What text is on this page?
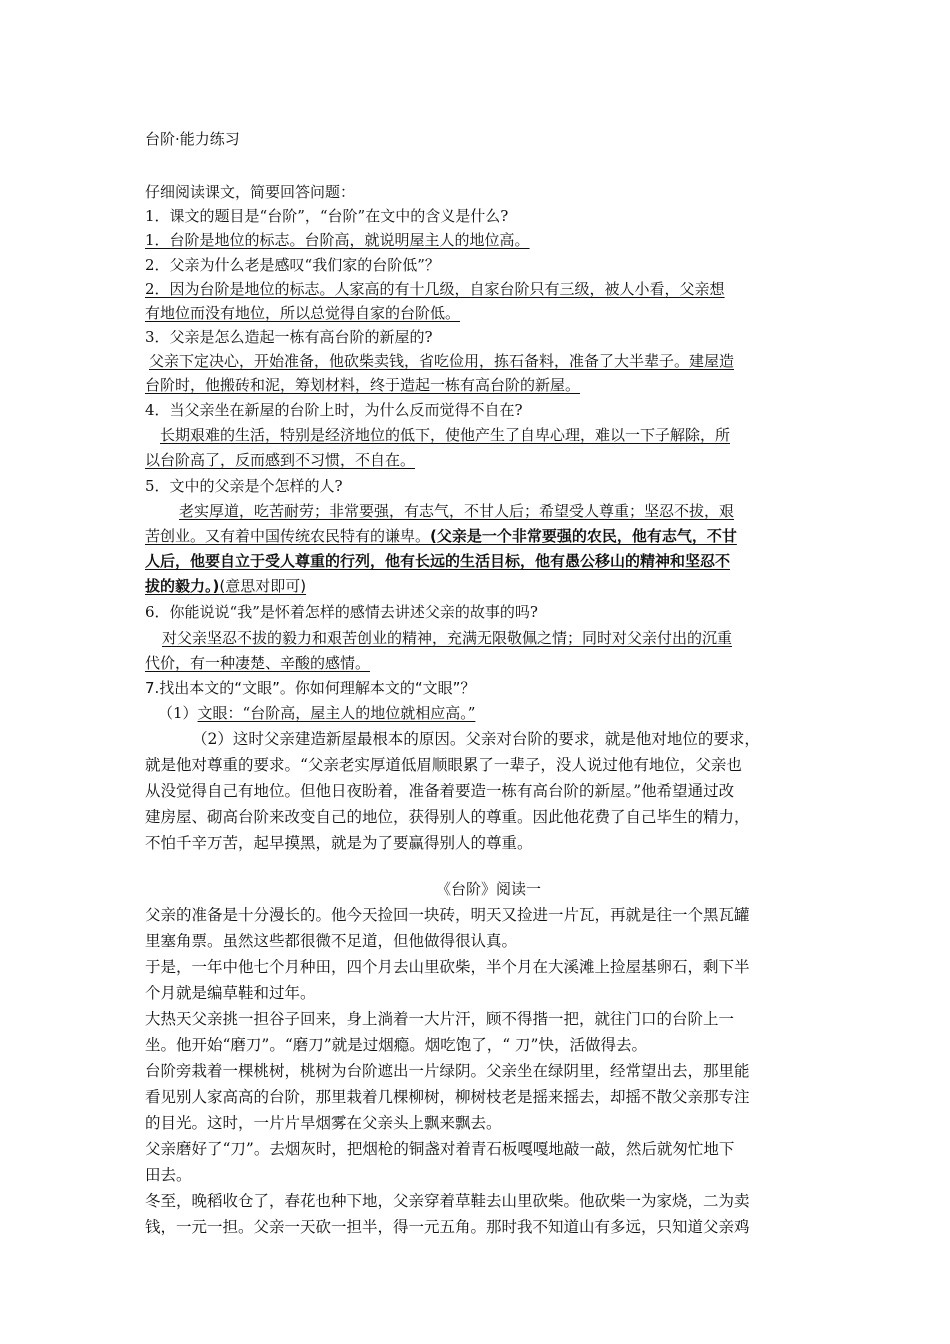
台阶·能力练习
仔细阅读课文，简要回答问题：
1．课文的题目是“台阶”，“台阶”在文中的含义是什么?
1．台阶是地位的标志。台阶高，就说明屋主人的地位高。
2．父亲为什么老是感叹“我们家的台阶低”？
2．因为台阶是地位的标志。人家高的有十几级，自家台阶只有三级，被人小看，父亲想
有地位而没有地位，所以总觉得自家的台阶低。
3．父亲是怎么造起一栋有高台阶的新屋的?
父亲下定决心，开始准备，他砍柴卖钱，省吃俭用，拣石备料，准备了大半辈子。建屋造
台阶时，他搬砖和泥，筹划材料，终于造起一栋有高台阶的新屋。
4．当父亲坐在新屋的台阶上时，为什么反而觉得不自在?
长期艰难的生活，特别是经济地位的低下，使他产生了自卑心理，难以一下子解除，所
以台阶高了，反而感到不习惯，不自在。
5．文中的父亲是个怎样的人?
老实厚道，吃苦耐劳；非常要强，有志气，不甘人后；希望受人尊重；坚忍不拔，艰
苦创业。又有着中国传统农民特有的谦卑。(父亲是一个非常要强的农民，他有志气，不甘
人后，他要自立于受人尊重的行列，他有长远的生活目标，他有愚公移山的精神和坚忍不
拔的毅力。)(意思对即可)
6．你能说说“我”是怀着怎样的感情去讲述父亲的故事的吗?
对父亲坚忍不拔的毅力和艰苦创业的精神，充满无限敬佩之情；同时对父亲付出的沉重
代价，有一种凄楚、辛酸的感情。
7.找出本文的“文眼”。你如何理解本文的“文眼”？
（1）文眼：“台阶高，屋主人的地位就相应高。”
（2）这时父亲建造新屋最根本的原因。父亲对台阶的要求，就是他对地位的要求，
就是他对尊重的要求。“父亲老实厚道低眉顺眼累了一辈子，没人说过他有地位，父亲也
从没觉得自己有地位。但他日夜盼着，准备着要造一栋有高台阶的新屋。”他希望通过改
建房屋、砌高台阶来改变自己的地位，获得别人的尊重。因此他花费了自己毕生的精力，
不怕千辛万苦，起早摸黑，就是为了要赢得别人的尊重。
《台阶》阅读一
父亲的准备是十分漫长的。他今天捡回一块砖，明天又捡进一片瓦，再就是往一个黑瓦罐
里塞角票。虽然这些都很微不足道，但他做得很认真。
于是，一年中他七个月种田，四个月去山里砍柴，半个月在大溪滩上捡屋基卵石，剩下半
个月就是编草鞋和过年。
大热天父亲挑一担谷子回来，身上淌着一大片汗，顾不得揩一把，就往门口的台阶上一
坐。他开始“磨刀”。“磨刀”就是过烟瘾。烟吃饱了，“ 刀”快，活做得去。
台阶旁栽着一棵桃树，桃树为台阶遮出一片绿阴。父亲坐在绿阴里，经常望出去，那里能
看见别人家高高的台阶，那里栽着几棵柳树，柳树枝老是摇来摇去，却摇不散父亲那专注
的目光。这时，一片片旱烟雾在父亲头上飘来飘去。
父亲磨好了“刀”。去烟灰时，把烟枪的铜盏对着青石板嘎嘎地敲一敲，然后就匆忙地下
田去。
冬至，晚稻收仓了，春花也种下地，父亲穿着草鞋去山里砍柴。他砍柴一为家烧，二为卖
钱，一元一担。父亲一天砍一担半，得一元五角。那时我不知道山有多远，只知道父亲鸡
